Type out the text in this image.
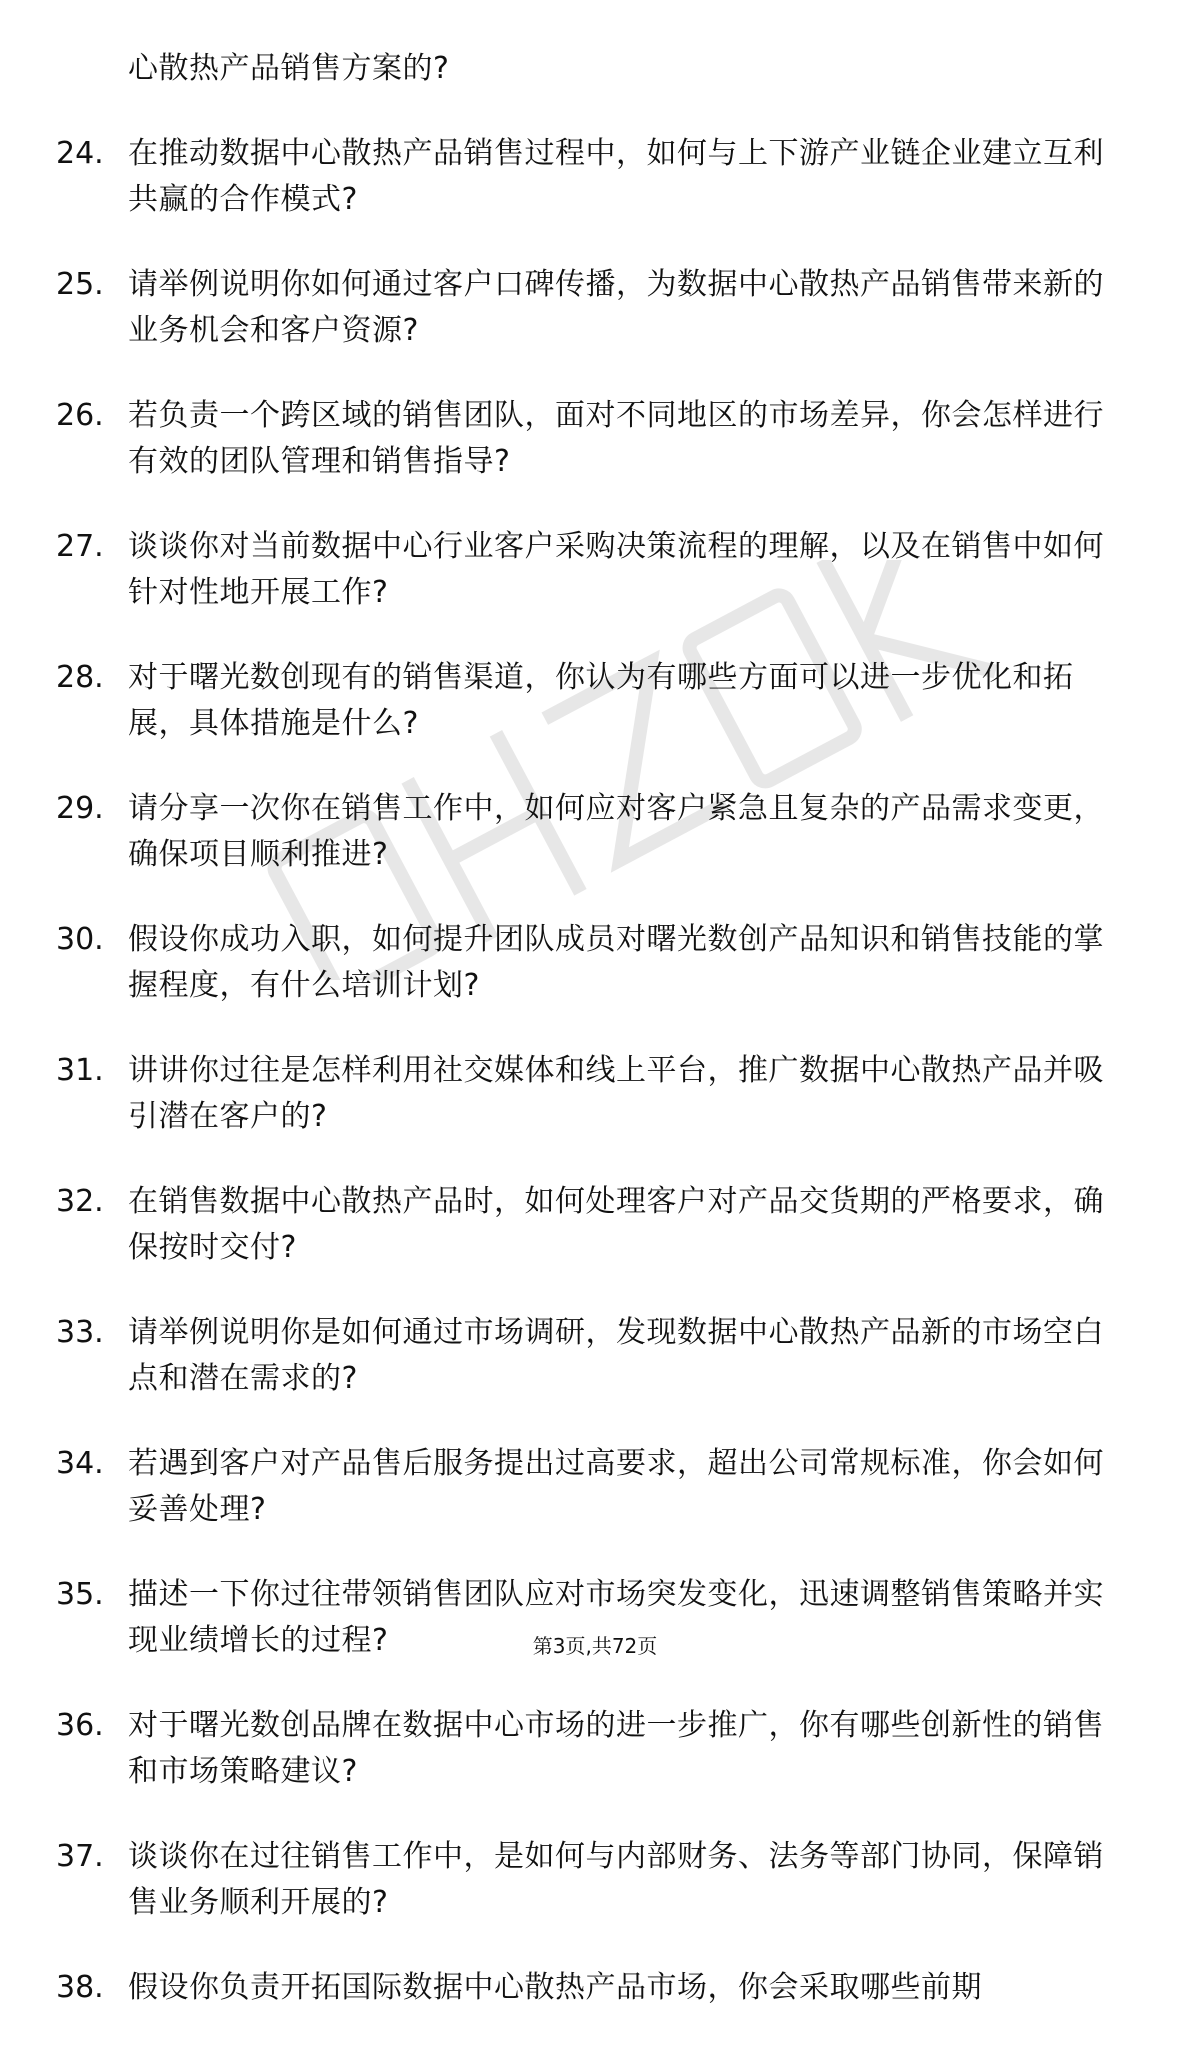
心散热产品销售方案的?
24. 在推动数据中心散热产品销售过程中，如何与上下游产业链企业建立互利共赢的合作模式?
25. 请举例说明你如何通过客户口碑传播，为数据中心散热产品销售带来新的业务机会和客户资源?
26. 若负责一个跨区域的销售团队，面对不同地区的市场差异，你会怎样进行有效的团队管理和销售指导?
27. 谈谈你对当前数据中心行业客户采购决策流程的理解，以及在销售中如何针对性地开展工作?
28. 对于曙光数创现有的销售渠道，你认为有哪些方面可以进一步优化和拓展，具体措施是什么?
29. 请分享一次你在销售工作中，如何应对客户紧急且复杂的产品需求变更，确保项目顺利推进?
30. 假设你成功入职，如何提升团队成员对曙光数创产品知识和销售技能的掌握程度，有什么培训计划?
31. 讲讲你过往是怎样利用社交媒体和线上平台，推广数据中心散热产品并吸引潜在客户的?
32. 在销售数据中心散热产品时，如何处理客户对产品交货期的严格要求，确保按时交付?
33. 请举例说明你是如何通过市场调研，发现数据中心散热产品新的市场空白点和潜在需求的?
34. 若遇到客户对产品售后服务提出过高要求，超出公司常规标准，你会如何妥善处理?
35. 描述一下你过往带领销售团队应对市场突发变化，迅速调整销售策略并实现业绩增长的过程?
36. 对于曙光数创品牌在数据中心市场的进一步推广，你有哪些创新性的销售和市场策略建议?
37. 谈谈你在过往销售工作中，是如何与内部财务、法务等部门协同，保障销售业务顺利开展的?
38. 假设你负责开拓国际数据中心散热产品市场，你会采取哪些前期
第3页,共72页
